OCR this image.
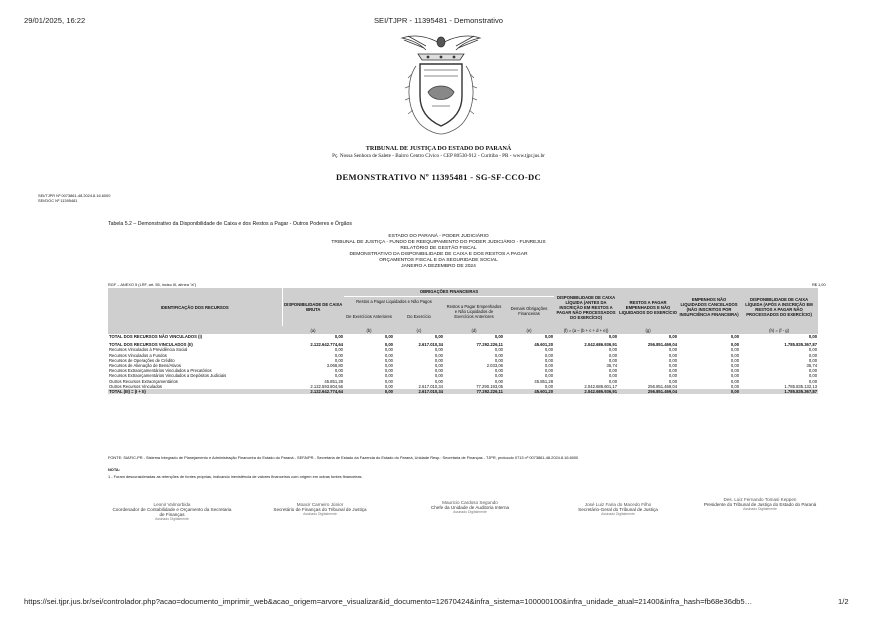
29/01/2025, 16:22	SEI/TJPR - 11395481 - Demonstrativo
TRIBUNAL DE JUSTIÇA DO ESTADO DO PARANÁ
Pç. Nossa Senhora de Salete - Bairro Centro Cívico - CEP 80530-912 - Curitiba - PR - www.tjpr.jus.br
DEMONSTRATIVO Nº 11395481 - SG-SF-CCO-DC
SEI/TJPR Nº 0073861-48.2024.8.16.6000
SEI/DOC Nº 11395481
Tabela 5.2 – Demonstrativo da Disponibilidade de Caixa e dos Restos a Pagar - Outros Poderes e Órgãos
ESTADO DO PARANÁ - PODER JUDICIÁRIO
TRIBUNAL DE JUSTIÇA - FUNDO DE REEQUIPAMENTO DO PODER JUDICIÁRIO - FUNREJUS
RELATÓRIO DE GESTÃO FISCAL
DEMONSTRATIVO DA DISPONIBILIDADE DE CAIXA E DOS RESTOS A PAGAR
ORÇAMENTOS FISCAL E DA SEGURIDADE SOCIAL
JANEIRO A DEZEMBRO DE 2024
RGF – ANEXO 5 (LRF, art. 55, inciso III, alínea "a")	R$ 1,00
IDENTIFICAÇÃO DOS RECURSOS	DISPONIBILIDADE DE CAIXA BRUTA	OBRIGAÇÕES FINANCEIRAS				DISPONIBILIDADE DE CAIXA LÍQUIDA (ANTES DA INSCRIÇÃO EM RESTOS A PAGAR NÃO PROCESSADOS DO EXERCÍCIO)	RESTOS A PAGAR EMPENHADOS E NÃO LIQUIDADOS DO EXERCÍCIO	EMPENHOS NÃO LIQUIDADOS CANCELADOS (NÃO INSCRITOS POR INSUFICIÊNCIA FINANCEIRA)	DISPONIBILIDADE DE CAIXA LÍQUIDA (APÓS A INSCRIÇÃO EM RESTOS A PAGAR NÃO PROCESSADOS DO EXERCÍCIO)
		Restos a Pagar Liquidados e Não Pagos		Restos a Pagar Empenhados e Não Liquidados de Exercícios Anteriores	Demais Obrigações Financeiras				
		De Exercícios Anteriores	Do Exercício						
	(a)	(b)	(c)	(d)	(e)	(f) = (a – (b + c + d + e))	(g)		(h) = (f - g)
TOTAL DOS RECURSOS NÃO VINCULADOS (I)	0,00	0,00	0,00	0,00	0,00	0,00	0,00	0,00	0,00
TOTAL DOS RECURSOS VINCULADOS (II)	2.122.642.774,64	0,00	2.617.010,34	77.292.226,11	45.601,20	2.042.686.936,91	256.851.469,04	0,00	1.785.835.367,87
Recursos Vinculados à Previdência Social	0,00	0,00	0,00	0,00	0,00	0,00	0,00	0,00	0,00
Recursos Vinculados a Fundos	0,00	0,00	0,00	0,00	0,00	0,00	0,00	0,00	0,00
Recursos de Operações de Crédito	0,00	0,00	0,00	0,00	0,00	0,00	0,00	0,00	0,00
Recursos de Alienação de Bens/Ativos	3.068,80	0,00	0,00	2.033,06	0,00	35,74	0,00	0,00	35,74
Recursos Extraorçamentários Vinculados a Precatórios	0,00	0,00	0,00	0,00	0,00	0,00	0,00	0,00	0,00
Recursos Extraorçamentários Vinculados a Depósitos Judiciais	0,00	0,00	0,00	0,00	0,00	0,00	0,00	0,00	0,00
Outros Recursos Extraorçamentários	45.851,28	0,00	0,00	0,00	45.851,28	0,00	0,00	0,00	0,00
Outros Recursos Vinculados	2.122.593.804,56	0,00	2.617.010,34	77.290.193,05	0,00	2.042.686.601,17	256.851.469,04	0,00	1.785.835.132,13
TOTAL (III) = (I + II)	2.122.642.774,64	0,00	2.617.010,34	77.292.226,11	45.601,20	2.042.686.936,91	256.851.469,04	0,00	1.785.835.367,87
FONTE: SIAFIC-PR - Sistema Integrado de Planejamento e Administração Financeira do Estado do Paraná - SEFA/PR - Secretaria de Estado da Fazenda do Estado do Paraná, Unidade Resp.: Secretaria de Finanças - TJPR, protocolo 0713 nº 0073861-48.2024.8.16.6000
NOTA:
1 - Foram desconsideradas as retenções de fontes próprias, indicando inexistência de valores financeiros com origem em outras fontes financeiras.
Leonir Valmorbida
Coordenador de Contabilidade e Orçamento da Secretaria de Finanças
Assinado Digitalmente
Moacir Carneiro Júnior
Secretário de Finanças do Tribunal de Justiça
Assinado Digitalmente
Mauricio Cardoso Segundo
Chefe da Unidade de Auditoria Interna
Assinado Digitalmente
José Luiz Faria do Macedo Filho
Secretário-Geral do Tribunal de Justiça
Assinado Digitalmente
Des. Luiz Fernando Tomasi Keppen
Presidente do Tribunal de Justiça do Estado do Paraná
Assinado Digitalmente
https://sei.tjpr.jus.br/sei/controlador.php?acao=documento_imprimir_web&acao_origem=arvore_visualizar&id_documento=12670424&infra_sistema=100000100&infra_unidade_atual=21400&infra_hash=fb68e36db5…	1/2
